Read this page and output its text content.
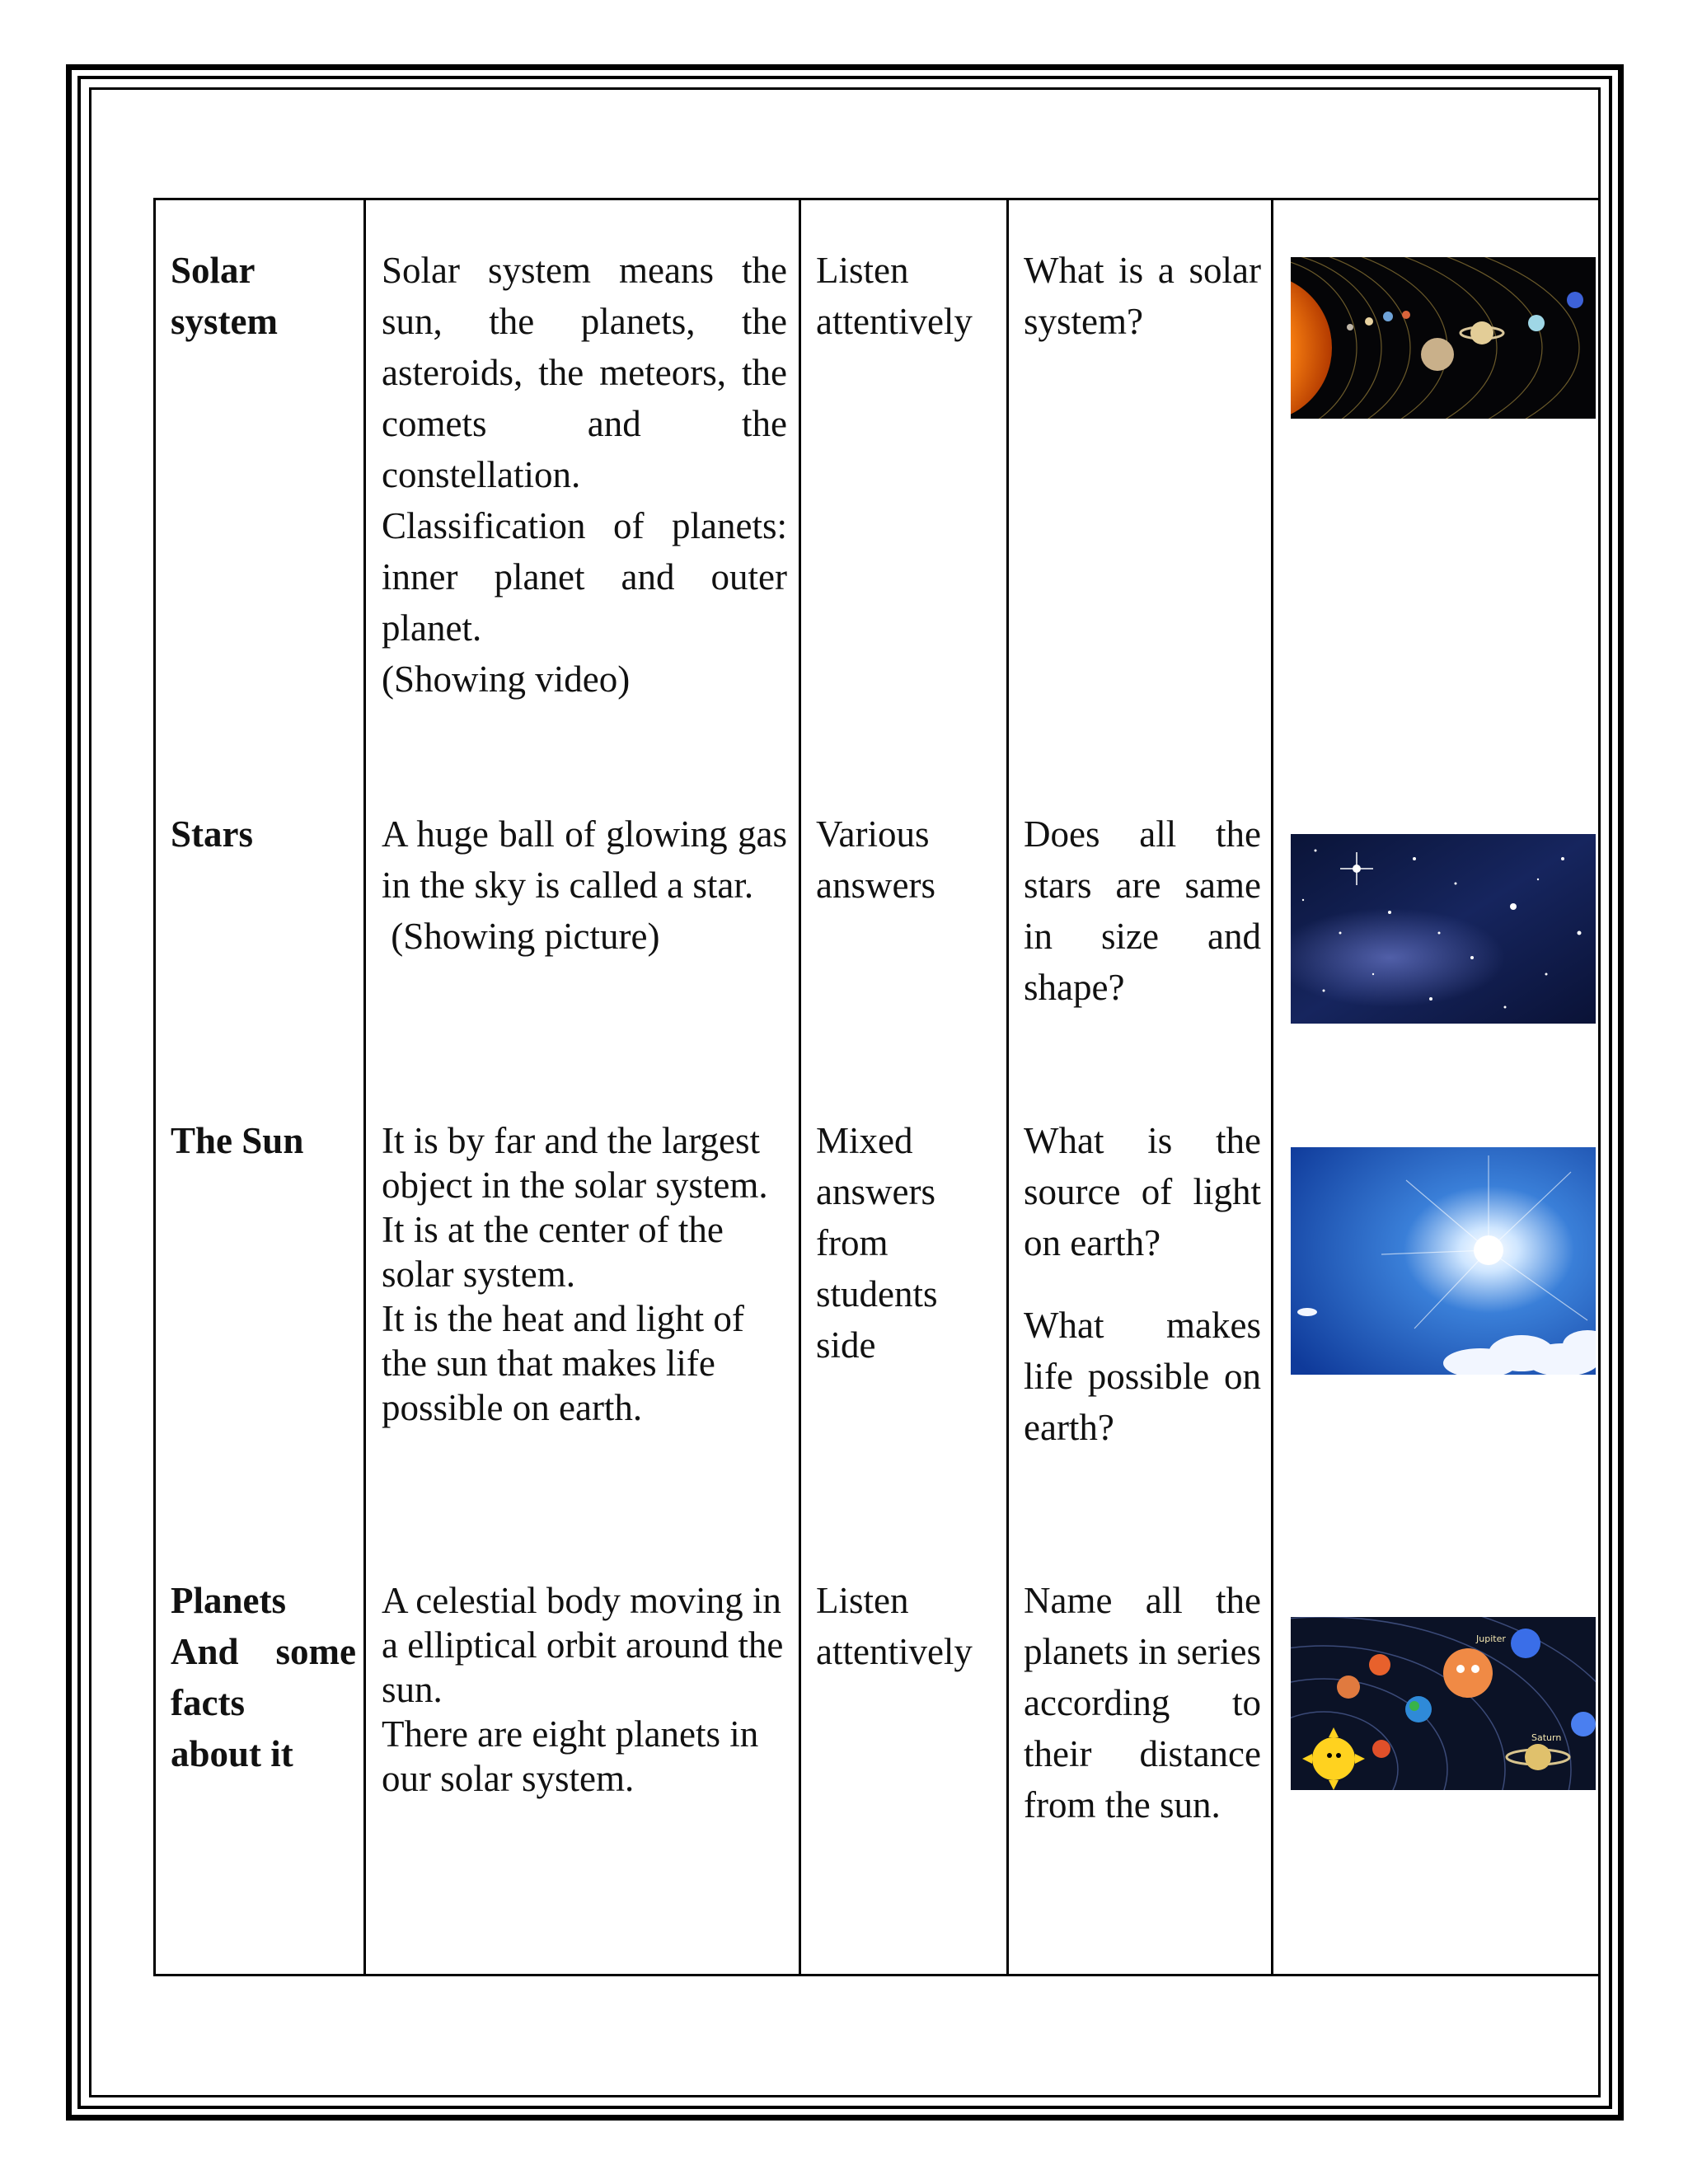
Solar
system
Solar system means the sun, the planets, the asteroids, the meteors, the comets and the constellation.
Classification of planets: inner planet and outer planet.
(Showing video)
Listen attentively
What is a solar system?
Stars	A huge ball of glowing gas in the sky is called a star.
(Showing picture)
Various answers
Does all the stars are same in size and shape?
The Sun	It is by far and the largest object in the solar system.
It is at the center of the solar system.
It is the heat and light of the sun that makes life possible on earth.
Mixed answers from students side
What is the source of light on earth?
What makes life possible on earth?
Planets
And some
facts
about it
A celestial body moving in a elliptical orbit around the sun.
There are eight planets in our solar system.
Listen attentively
Name all the planets in series according to their distance from the sun.
Jupiter
Saturn
